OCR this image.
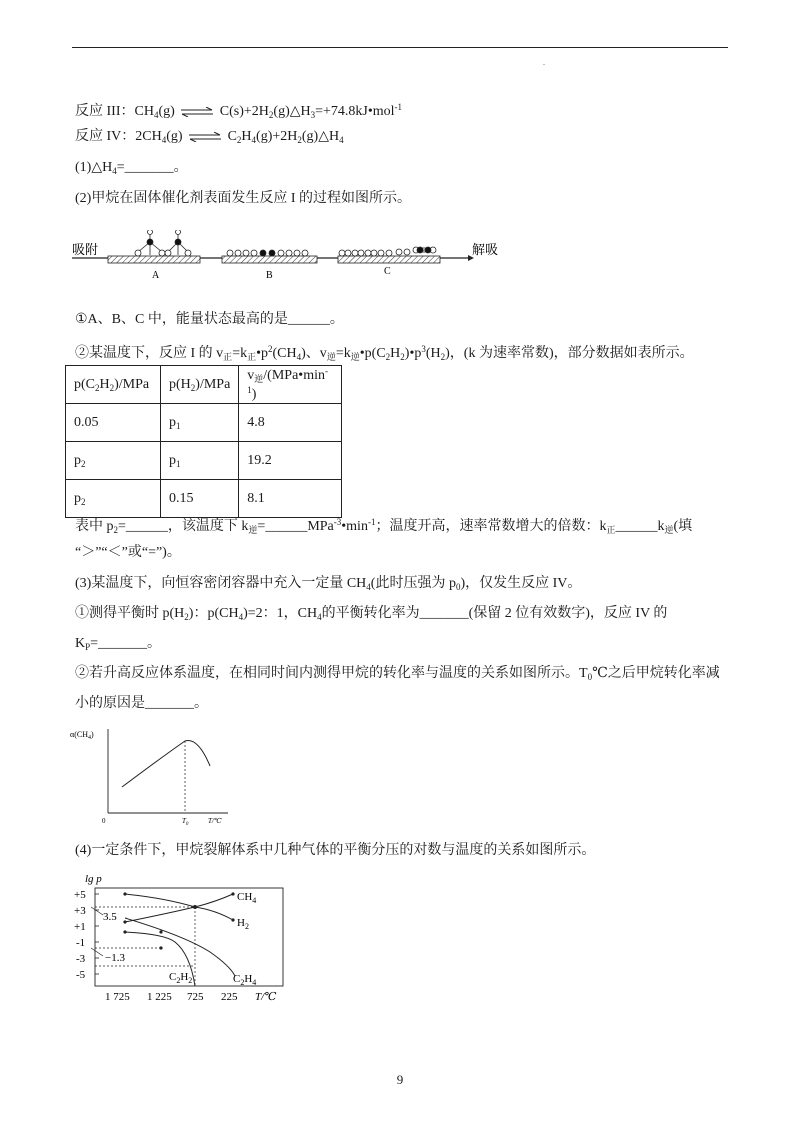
.
反应 III：$CH_4(g)$ ⇌ $C(s)+2H_2(g)\triangle H_3=+74.8kJ•mol^{-1}$
反应 IV：$2CH_4(g)$ ⇌ $C_2H_4(g)+2H_2(g)\triangle H_4$
$(1)\triangle H_4=\_\_\_\_\_\_\_$。
(2)甲烷在固体催化剂表面发生反应 I 的过程如图所示。
吸附	解吸
A	B	C
①A、B、C 中，能量状态最高的是______。
②某温度下，反应 I 的 $v_正=k_正•p^2(CH_4)$、$v_逆=k_逆•p(C_2H_2)•p^3(H_2)$，(k 为速率常数)，部分数据如表所示。
$p(C_2H_2)$/MPa	$p(H_2)$/MPa	$v_逆/(MPa•\min^{-1})$
0.05	$p_1$	4.8
$p_2$	$p_1$	19.2
$p_2$	0.15	8.1
表中 $p_2=\_\_\_\_\_\_$，该温度下 $k_逆=\_\_\_\_\_\_MPa^{-3}•\min^{-1}$；温度开高，速率常数增大的倍数：$k_正\_\_\_\_\_\_k_逆$(填
“＞”“＜”或“=”)。
(3)某温度下，向恒容密闭容器中充入一定量 $CH_4$(此时压强为 $p_0$)，仅发生反应 IV。
①测得平衡时 $p(H_2)$：$p(CH_4)=2$：1，$CH_4$的平衡转化率为_______(保留 2 位有效数字)，反应 IV 的
$K_P=\_\_\_\_\_\_\_$。
②若升高反应体系温度，在相同时间内测得甲烷的转化率与温度的关系如图所示。$T_0℃$之后甲烷转化率减
小的原因是_______。
$\alpha(CH_4)$
0	$T_0$	T/℃
(4)一定条件下，甲烷裂解体系中几种气体的平衡分压的对数与温度的关系如图所示。
lg p
+5
+3
+1
-1
-3
-5
1 725 1 225 725 225 T/℃
3.5
−1.3
$CH_4$
$H_2$
$C_2H_2$	$C_2H_4$
9
